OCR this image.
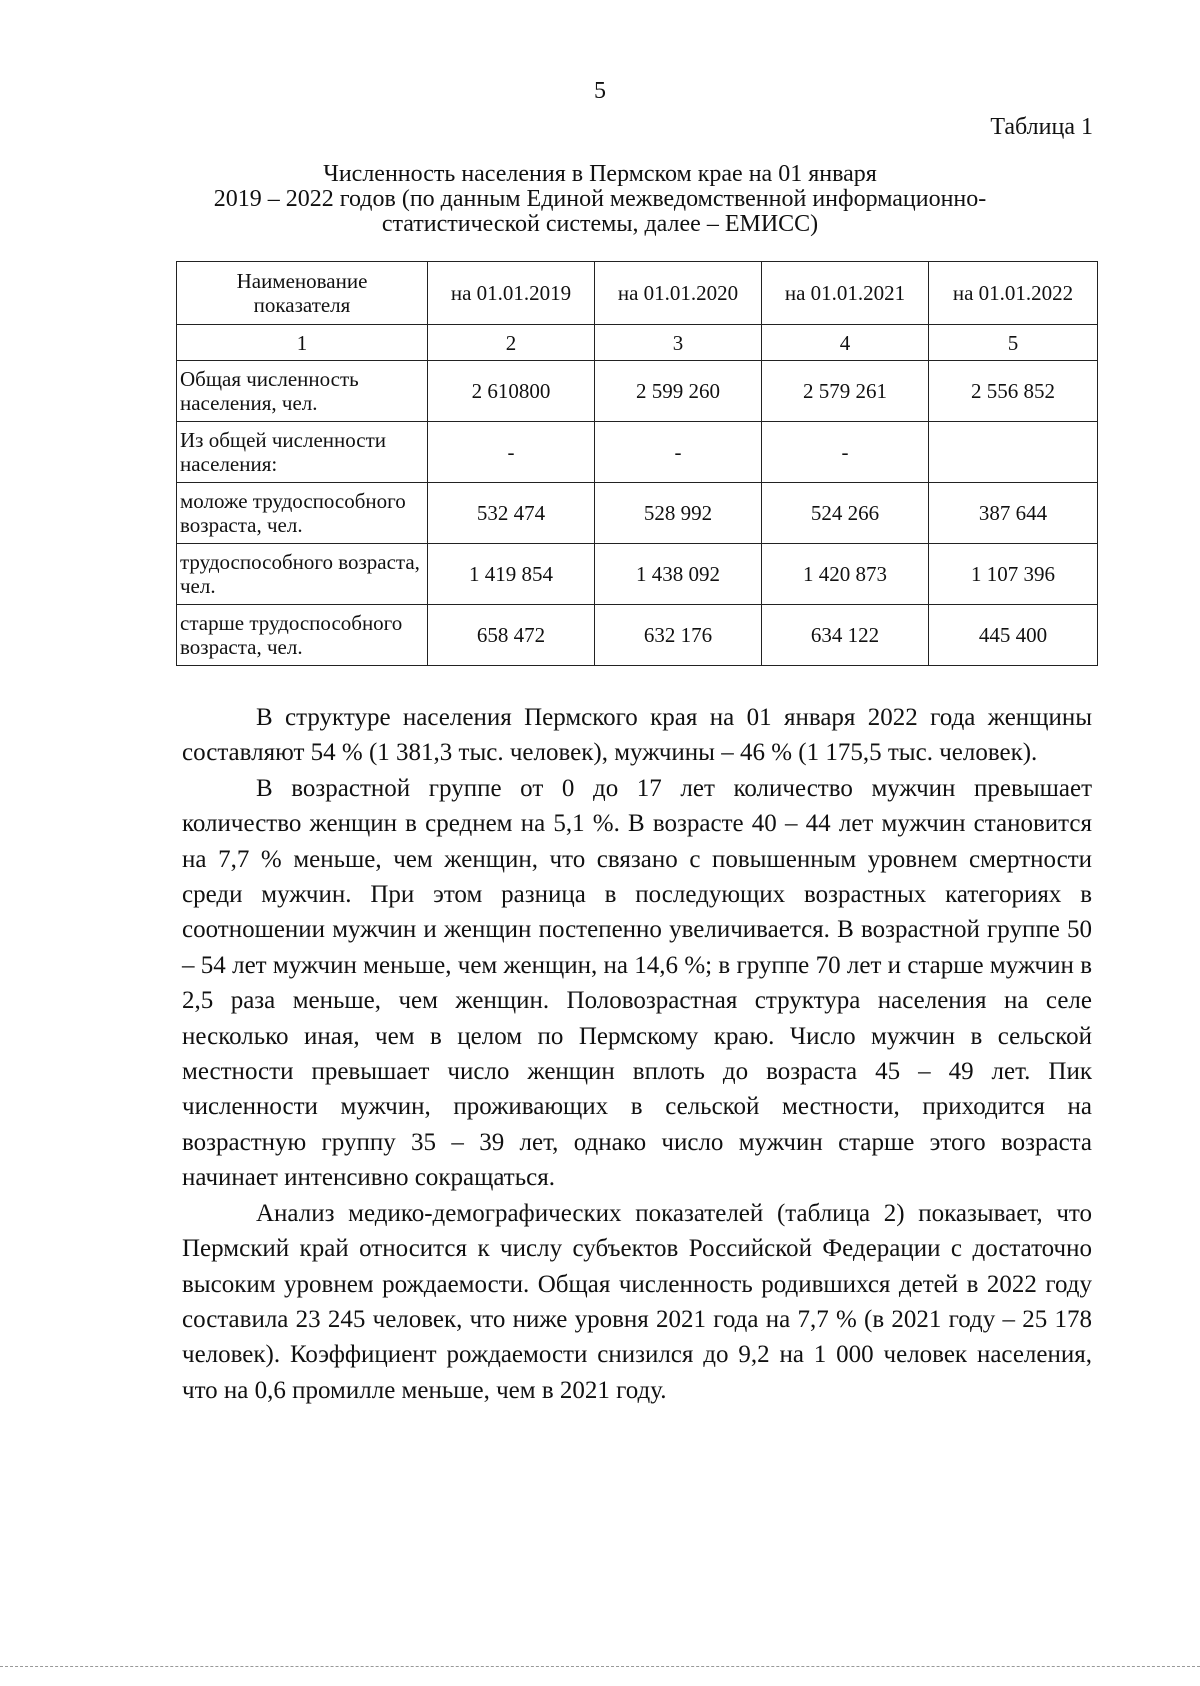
5
Таблица 1
Численность населения в Пермском крае на 01 января
2019 – 2022 годов (по данным Единой межведомственной информационно-
статистической системы, далее – ЕМИСС)
Наименование показателя	на 01.01.2019	на 01.01.2020	на 01.01.2021	на 01.01.2022
1	2	3	4	5
Общая численность населения, чел.	2 610800	2 599 260	2 579 261	2 556 852
Из общей численности населения:	-	-	-	
моложе трудоспособного возраста, чел.	532 474	528 992	524 266	387 644
трудоспособного возраста, чел.	1 419 854	1 438 092	1 420 873	1 107 396
старше трудоспособного возраста, чел.	658 472	632 176	634 122	445 400

В структуре населения Пермского края на 01 января 2022 года женщины составляют 54 % (1 381,3 тыс. человек), мужчины – 46 % (1 175,5 тыс. человек).

В возрастной группе от 0 до 17 лет количество мужчин превышает количество женщин в среднем на 5,1 %. В возрасте 40 – 44 лет мужчин становится на 7,7 % меньше, чем женщин, что связано с повышенным уровнем смертности среди мужчин. При этом разница в последующих возрастных категориях в соотношении мужчин и женщин постепенно увеличивается. В возрастной группе 50 – 54 лет мужчин меньше, чем женщин, на 14,6 %; в группе 70 лет и старше мужчин в 2,5 раза меньше, чем женщин. Половозрастная структура населения на селе несколько иная, чем в целом по Пермскому краю. Число мужчин в сельской местности превышает число женщин вплоть до возраста 45 – 49 лет. Пик численности мужчин, проживающих в сельской местности, приходится на возрастную группу 35 – 39 лет, однако число мужчин старше этого возраста начинает интенсивно сокращаться.

Анализ медико-демографических показателей (таблица 2) показывает, что Пермский край относится к числу субъектов Российской Федерации с достаточно высоким уровнем рождаемости. Общая численность родившихся детей в 2022 году составила 23 245 человек, что ниже уровня 2021 года на 7,7 % (в 2021 году – 25 178 человек). Коэффициент рождаемости снизился до 9,2 на 1 000 человек населения, что на 0,6 промилле меньше, чем в 2021 году.
